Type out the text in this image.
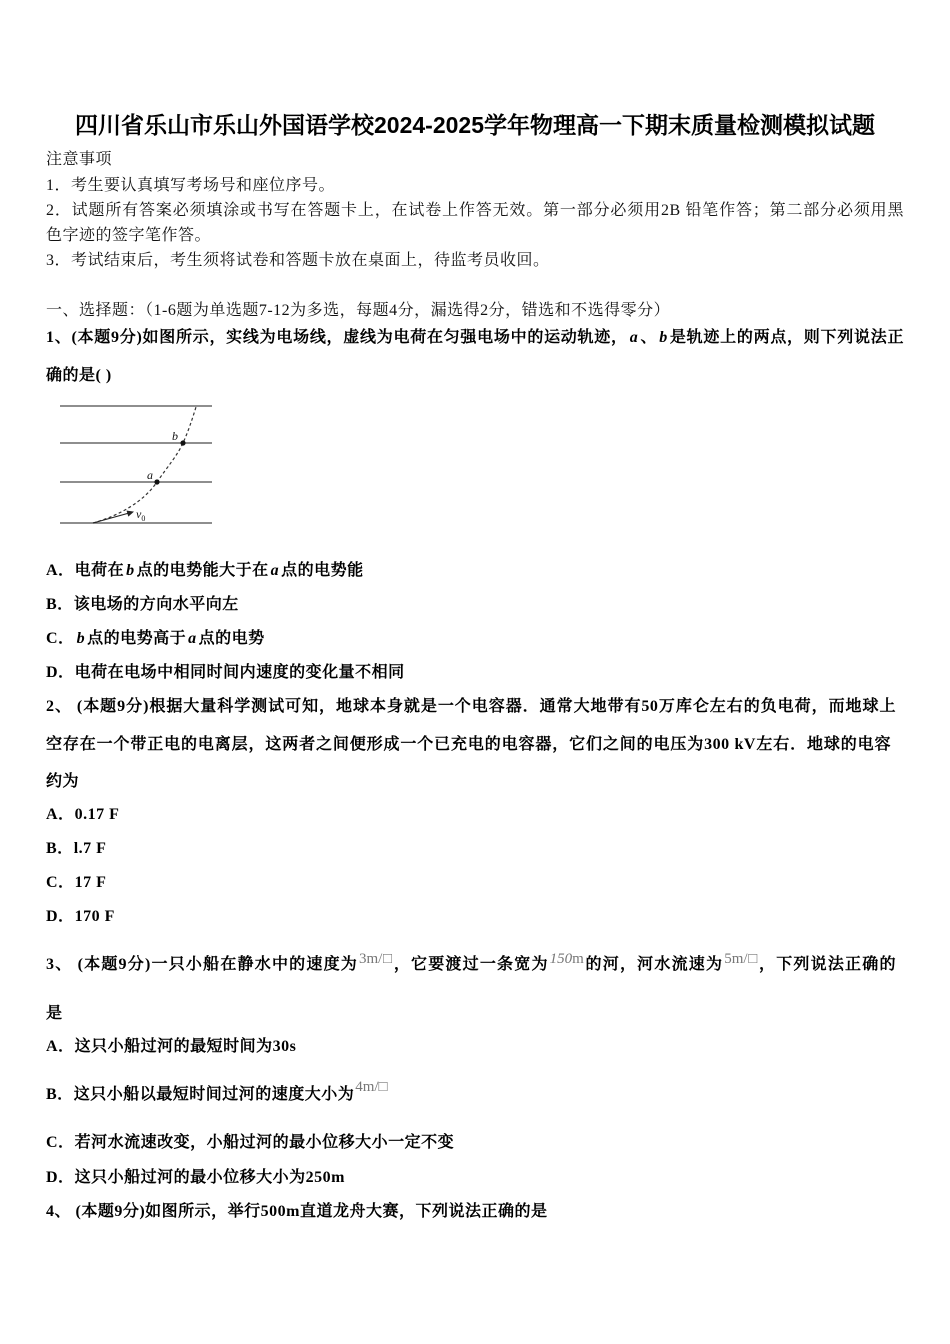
四川省乐山市乐山外国语学校2024-2025学年物理高一下期末质量检测模拟试题
注意事项
1．考生要认真填写考场号和座位序号。
2．试题所有答案必须填涂或书写在答题卡上，在试卷上作答无效。第一部分必须用2B 铅笔作答；第二部分必须用黑
色字迹的签字笔作答。
3．考试结束后，考生须将试卷和答题卡放在桌面上，待监考员收回。
一、选择题：（1-6题为单选题7-12为多选，每题4分，漏选得2分，错选和不选得零分）
1、(本题9分)如图所示，实线为电场线，虚线为电荷在匀强电场中的运动轨迹， a 、 b 是轨迹上的两点，则下列说法正
确的是( )
b
a
$v_0$
A．电荷在 b 点的电势能大于在 a 点的电势能
B．该电场的方向水平向左
C． b 点的电势高于 a 点的电势
D．电荷在电场中相同时间内速度的变化量不相同
2、 (本题9分)根据大量科学测试可知，地球本身就是一个电容器．通常大地带有50万库仑左右的负电荷，而地球上
空存在一个带正电的电离层，这两者之间便形成一个已充电的电容器，它们之间的电压为300 kV左右．地球的电容
约为
A．0.17 F
B．l.7 F
C．17 F
D．170 F
3、 (本题9分)一只小船在静水中的速度为3m/□，它要渡过一条宽为150m的河，河水流速为5m/□，下列说法正确的
是
A．这只小船过河的最短时间为30s
B．这只小船以最短时间过河的速度大小为4m/□
C．若河水流速改变，小船过河的最小位移大小一定不变
D．这只小船过河的最小位移大小为250m
4、 (本题9分)如图所示，举行500m直道龙舟大赛，下列说法正确的是
